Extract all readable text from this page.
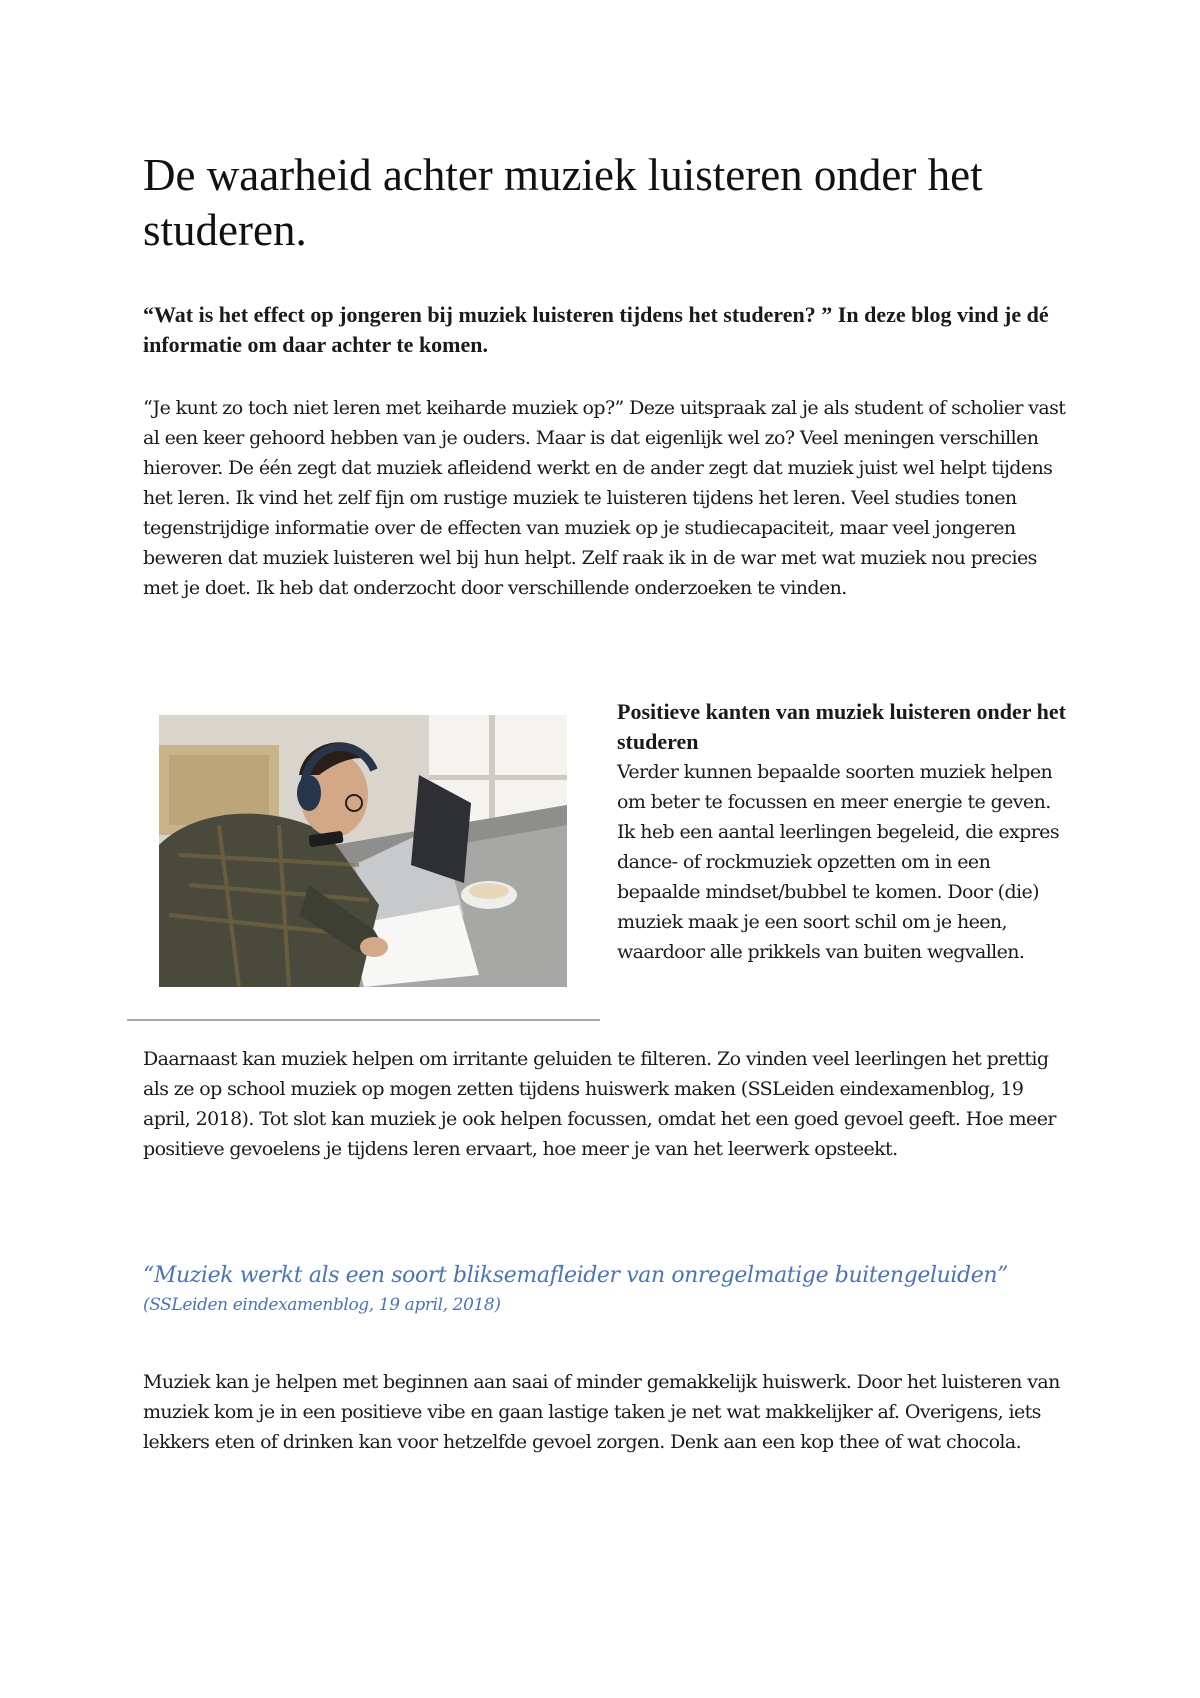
De waarheid achter muziek luisteren onder het studeren.
“Wat is het effect op jongeren bij muziek luisteren tijdens het studeren? ” In deze blog vind je dé informatie om daar achter te komen.
“Je kunt zo toch niet leren met keiharde muziek op?” Deze uitspraak zal je als student of scholier vast al een keer gehoord hebben van je ouders. Maar is dat eigenlijk wel zo? Veel meningen verschillen hierover. De één zegt dat muziek afleidend werkt en de ander zegt dat muziek juist wel helpt tijdens het leren. Ik vind het zelf fijn om rustige muziek te luisteren tijdens het leren. Veel studies tonen tegenstrijdige informatie over de effecten van muziek op je studiecapaciteit, maar veel jongeren beweren dat muziek luisteren wel bij hun helpt. Zelf raak ik in de war met wat muziek nou precies met je doet. Ik heb dat onderzocht door verschillende onderzoeken te vinden.
Positieve kanten van muziek luisteren onder het studeren
Verder kunnen bepaalde soorten muziek helpen om beter te focussen en meer energie te geven. Ik heb een aantal leerlingen begeleid, die expres dance- of rockmuziek opzetten om in een bepaalde mindset/bubbel te komen. Door (die) muziek maak je een soort schil om je heen, waardoor alle prikkels van buiten wegvallen.
Daarnaast kan muziek helpen om irritante geluiden te filteren. Zo vinden veel leerlingen het prettig als ze op school muziek op mogen zetten tijdens huiswerk maken (SSLeiden eindexamenblog, 19 april, 2018). Tot slot kan muziek je ook helpen focussen, omdat het een goed gevoel geeft. Hoe meer positieve gevoelens je tijdens leren ervaart, hoe meer je van het leerwerk opsteekt.
“Muziek werkt als een soort bliksemafleider van onregelmatige buitengeluiden”
(SSLeiden eindexamenblog, 19 april, 2018)
Muziek kan je helpen met beginnen aan saai of minder gemakkelijk huiswerk. Door het luisteren van muziek kom je in een positieve vibe en gaan lastige taken je net wat makkelijker af. Overigens, iets lekkers eten of drinken kan voor hetzelfde gevoel zorgen. Denk aan een kop thee of wat chocola.
